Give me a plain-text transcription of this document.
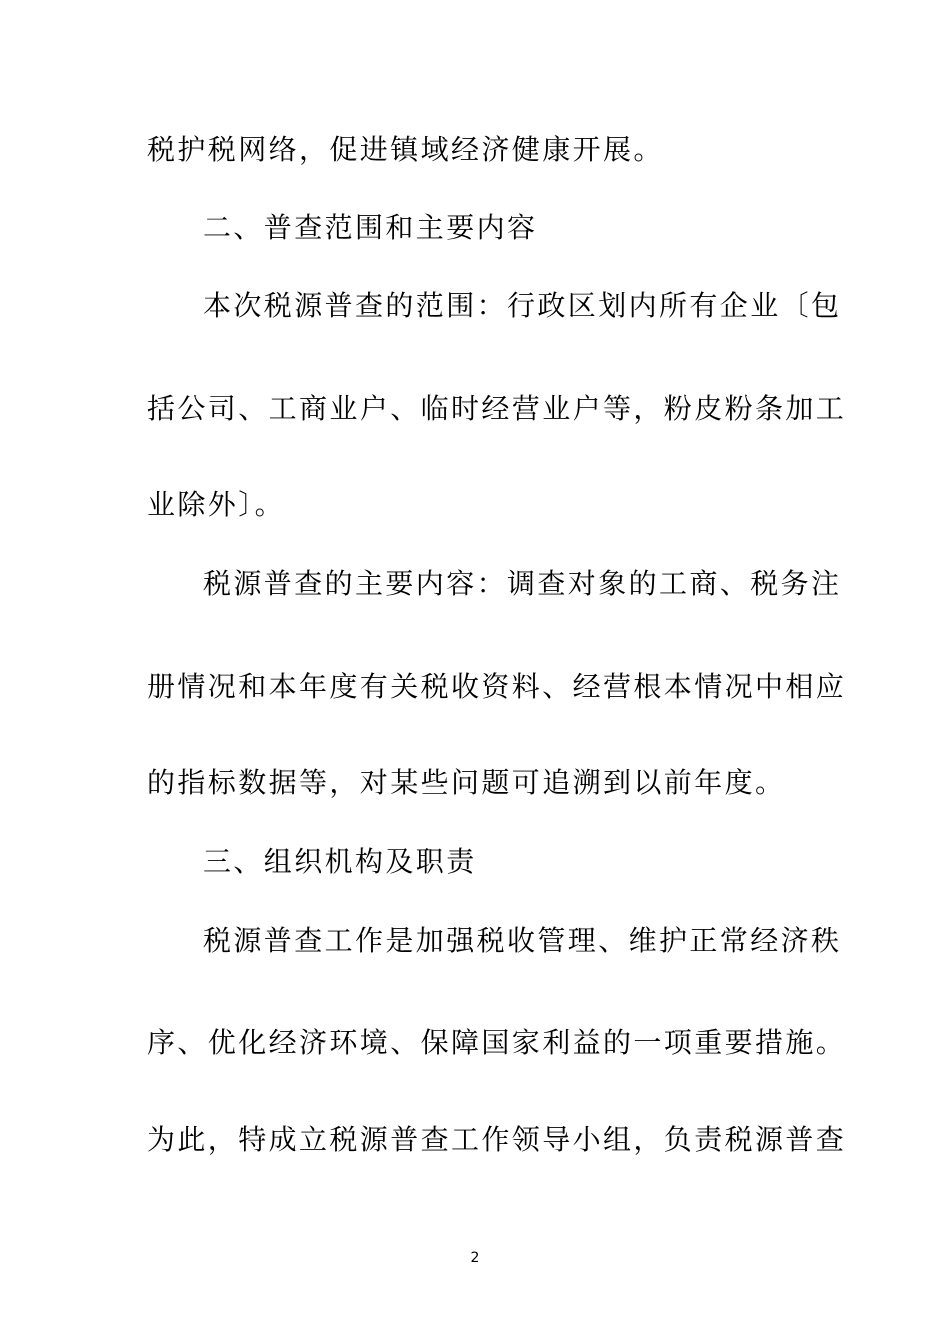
税护税网络，促进镇域经济健康开展。
二、普查范围和主要内容
本次税源普查的范围：行政区划内所有企业〔包
括公司、工商业户、临时经营业户等，粉皮粉条加工
业除外〕。
税源普查的主要内容：调查对象的工商、税务注
册情况和本年度有关税收资料、经营根本情况中相应
的指标数据等，对某些问题可追溯到以前年度。
三、组织机构及职责
税源普查工作是加强税收管理、维护正常经济秩
序、优化经济环境、保障国家利益的一项重要措施。
为此，特成立税源普查工作领导小组，负责税源普查
2
